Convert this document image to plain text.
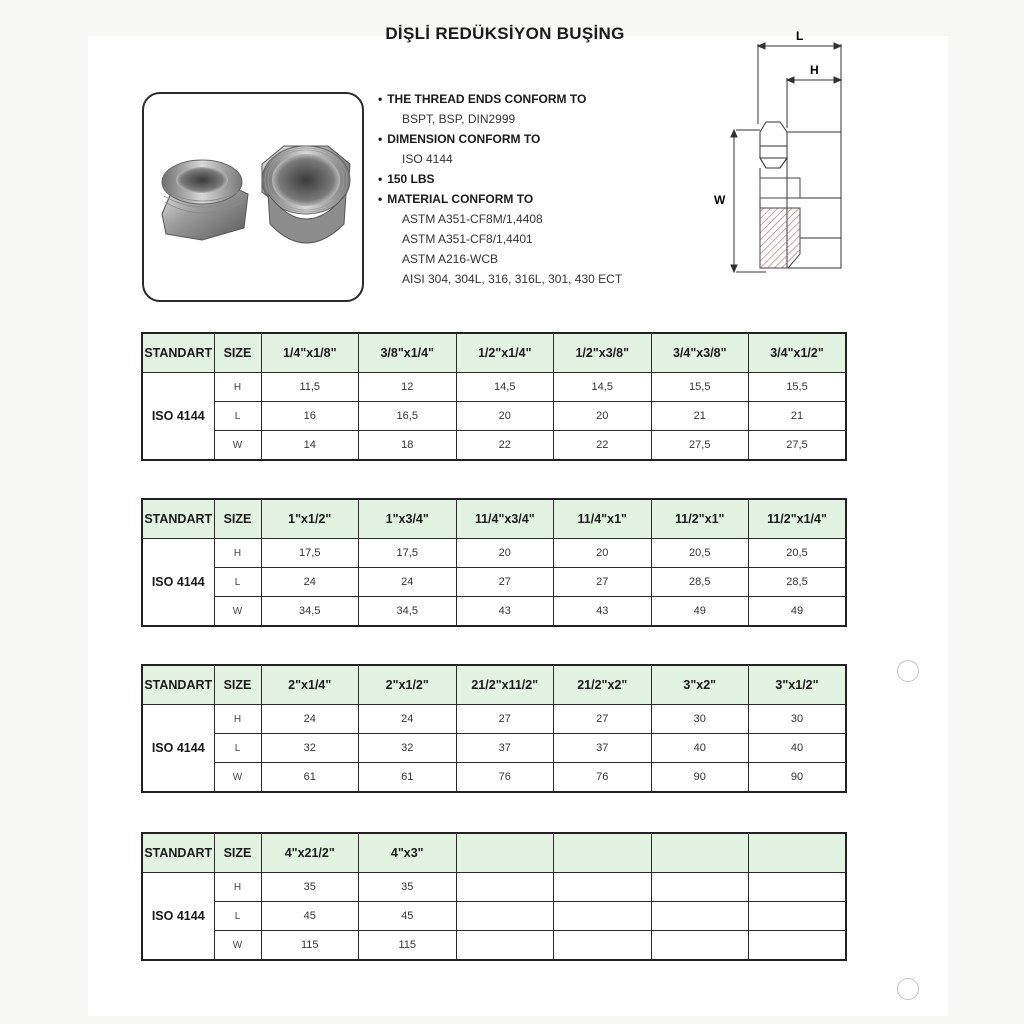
DİŞLİ REDÜKSİYON BUŞİNG
• THE THREAD ENDS CONFORM TO
BSPT, BSP, DIN2999
• DIMENSION CONFORM TO
ISO 4144
• 150 LBS
• MATERIAL CONFORM TO
ASTM A351-CF8M/1,4408
ASTM A351-CF8/1,4401
ASTM A216-WCB
AISI 304, 304L, 316, 316L, 301, 430 ECT
L
H
W
STANDART	SIZE	1/4"x1/8"	3/8"x1/4"	1/2"x1/4"	1/2"x3/8"	3/4"x3/8"	3/4"x1/2"
ISO 4144	H	11,5	12	14,5	14,5	15,5	15,5
	L	16	16,5	20	20	21	21
	W	14	18	22	22	27,5	27,5
STANDART	SIZE	1"x1/2"	1"x3/4"	11/4"x3/4"	11/4"x1"	11/2"x1"	11/2"x1/4"
ISO 4144	H	17,5	17,5	20	20	20,5	20,5
	L	24	24	27	27	28,5	28,5
	W	34,5	34,5	43	43	49	49
STANDART	SIZE	2"x1/4"	2"x1/2"	21/2"x11/2"	21/2"x2"	3"x2"	3"x1/2"
ISO 4144	H	24	24	27	27	30	30
	L	32	32	37	37	40	40
	W	61	61	76	76	90	90
STANDART	SIZE	4"x21/2"	4"x3"				
ISO 4144	H	35	35				
	L	45	45				
	W	115	115				
